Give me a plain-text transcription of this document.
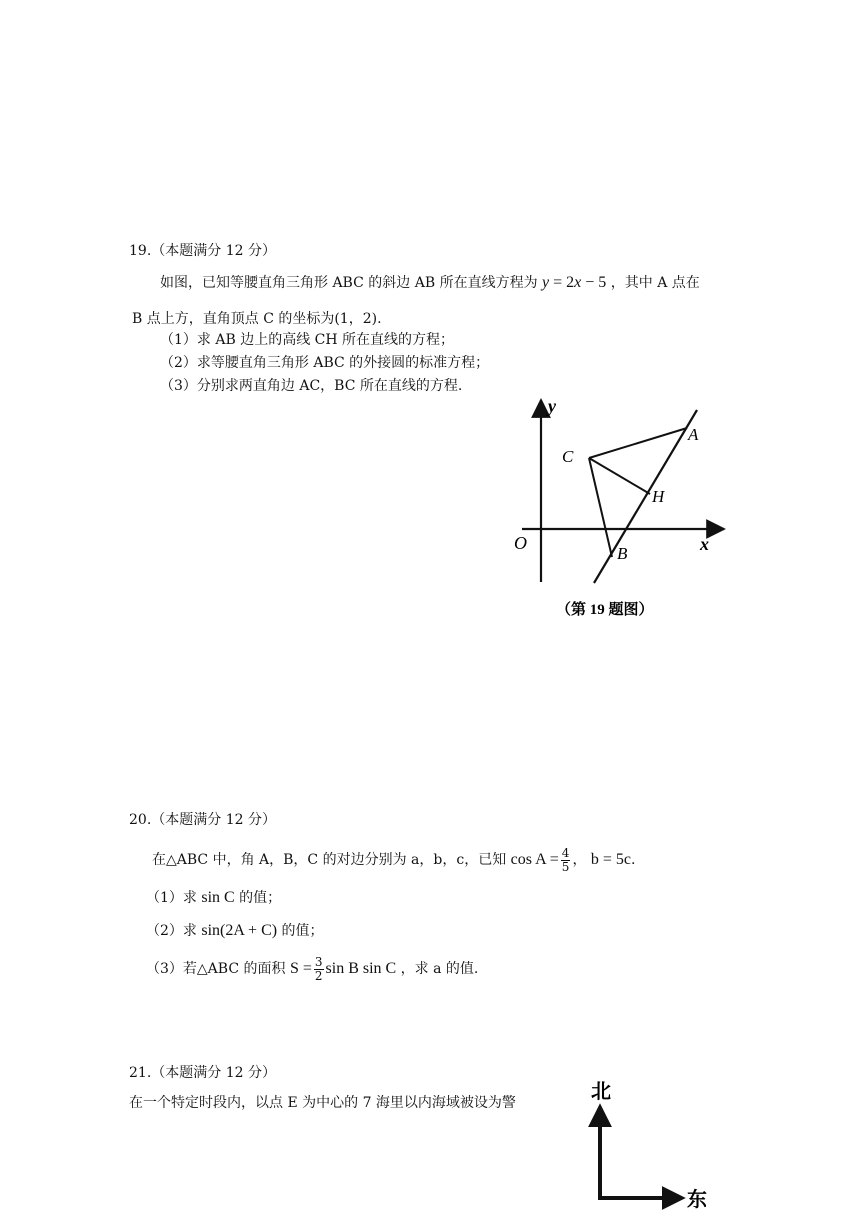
19.（本题满分 12 分）
如图，已知等腰直角三角形 ABC 的斜边 AB 所在直线方程为 y = 2x − 5 ，其中 A 点在
B 点上方，直角顶点 C 的坐标为(1，2).
（1）求 AB 边上的高线 CH 所在直线的方程；
（2）求等腰直角三角形 ABC 的外接圆的标准方程；
（3）分别求两直角边 AC，BC 所在直线的方程.
y
x
O
A
B
C
H
（第 19 题图）
20.（本题满分 12 分）
在△ABC 中，角 A，B，C 的对边分别为 a，b，c，已知 $\cos A = \frac{4}{5}$ ， b = 5c.
（1）求 sin C 的值；
（2）求 sin(2A + C) 的值；
（3）若△ABC 的面积 $S = \frac{3}{2}$ sin B sin C ，求 a 的值.
21.（本题满分 12 分）
在一个特定时段内，以点 E 为中心的 7 海里以内海域被设为警	北
东
